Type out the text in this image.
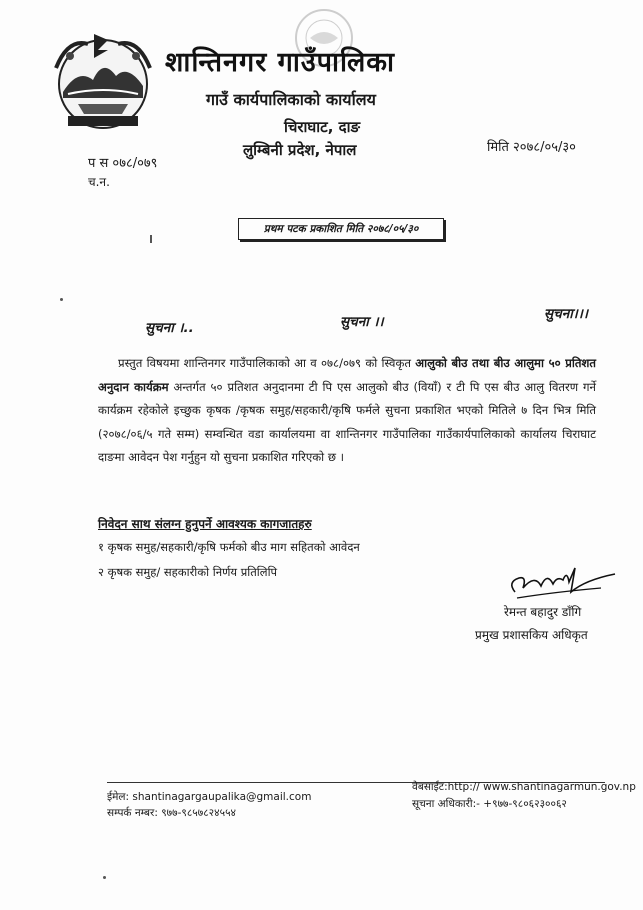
शान्तिनगर गाउँपालिका
गाउँ कार्यपालिकाको कार्यालय
चिराघाट, दाङ
लुम्बिनी प्रदेश, नेपाल	मिति २०७८/०५/३०
प स ०७८/०७९
च.न.
प्रथम पटक प्रकाशित मिति २०७८/०५/३०
सुचना ।..	सुचना ।।	सुचना।।।
प्रस्तुत विषयमा शान्तिनगर गाउँपालिकाको आ व ०७८/०७९ को स्विकृत आलुको बीउ तथा बीउ आलुमा ५० प्रतिशत अनुदान कार्यक्रम अन्तर्गत ५० प्रतिशत अनुदानमा टी पि एस आलुको बीउ (वियाँ) र टी पि एस बीउ आलु वितरण गर्ने कार्यक्रम रहेकोले इच्छुक कृषक /कृषक समुह/सहकारी/कृषि फर्मले सुचना प्रकाशित भएको मितिले ७ दिन भित्र मिति (२०७८/०६/५ गते सम्म) सम्वन्धित वडा कार्यालयमा वा शान्तिनगर गाउँपालिका गाउँकार्यपालिकाको कार्यालय चिराघाट दाङमा आवेदन पेश गर्नुहुन यो सुचना प्रकाशित गरिएको छ ।
निवेदन साथ संलग्न हुनुपर्ने आवश्यक कागजातहरु
१ कृषक समुह/सहकारी/कृषि फर्मको बीउ माग सहितको आवेदन
२ कृषक समुह/ सहकारीको निर्णय प्रतिलिपि
रेमन्त बहादुर डाँगि
प्रमुख प्रशासकिय अधिकृत
ईमेल: shantinagargaupalika@gmail.com
सम्पर्क नम्बर: ९७७-९८५७८२४५५४
वेबसाईट:http:// www.shantinagarmun.gov.np
सूचना अधिकारी:- +९७७-९८०६२३००६२
